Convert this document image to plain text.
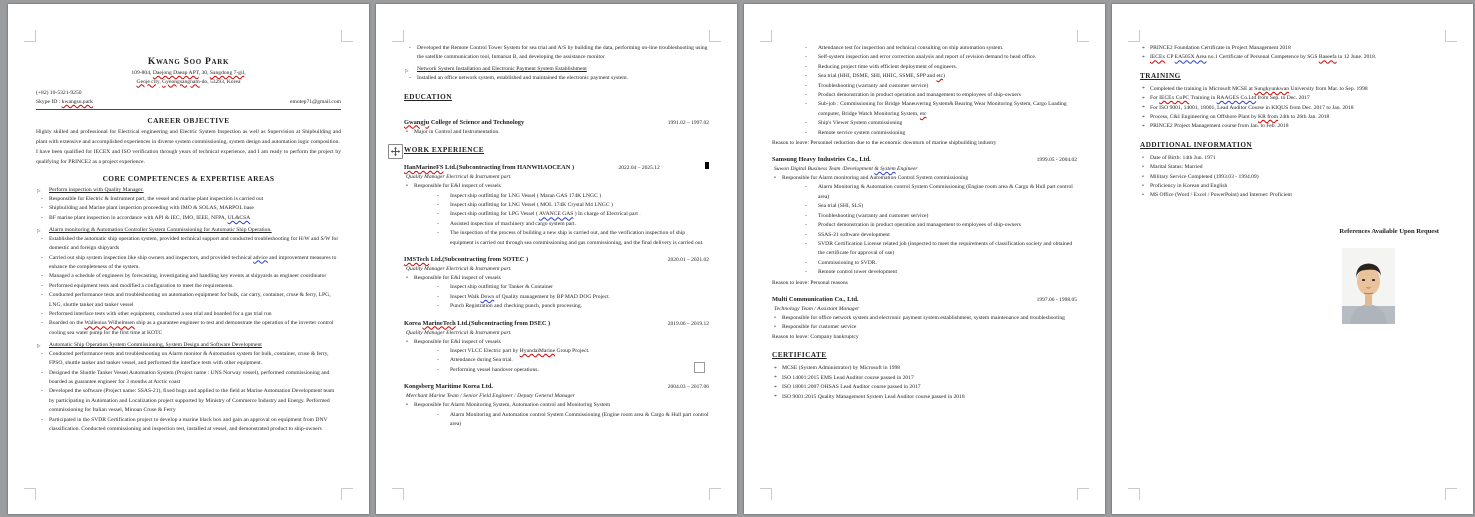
Kwang Soo Park
109-804, Daejong Daeap APT, 30, Sangdong 7-gil,
Geoje city, Gyeongsangnam-do, 53293, Korea
(+82) 10-5321-9250
Skype ID : kwangsu.park	emotep71@gmail.com
CAREER OBJECTIVE
Highly skilled and professional for Electrical engineering and Electric System Inspection as well as Supervision at Shipbuilding and plant with extensive and accomplished experiences in diverse system commissioning, system design and automation logic composition.
I have been qualified for IECEX and ISO verification through years of technical experience, and I am ready to perform the project by qualifying for PRINCE2 as a project experience.
CORE COMPETENCES & EXPERTISE AREAS
▷ Perform inspection with Quality Manager.
- Responsible for Electric & Instrument part, the vessel and marine plant inspection is carried out
- Shipbuilding and Marine plant inspection proceeding with IMO & SOLAS, MARPOL base
- BF marine plant inspection in accordance with API & IEC, IMO, IEEE, NFPA, UL&CSA
▷ Alarm monitoring & Automation Controller System Commissioning for Automatic Ship Operation.
- Established the automatic ship operation system, provided technical support and conducted troubleshooting for H/W and S/W for domestic and foreign shipyards
- Carried out ship system inspection like ship owners and inspectors, and provided technical advice and improvement measures to enhance the completeness of the system.
- Managed a schedule of engineers by forecasting, investigating and handling key events at shipyards as engineer coordinator
- Performed equipment tests and modified a configuration to meet the requirements.
- Conducted performance tests and troubleshooting on automation equipment for bulk, car carry, container, cruse & ferry, LPG, LNG, shuttle tanker and tanker vessel
- Performed interface tests with other equipment, conducted a sea trial and boarded for a gas trial run
- Boarded on the Wallenius Wilhelmsen ship as a guarantee engineer to test and demonstrate the operation of the inverter control cooling sea water pump for the first time at KOTC
▷ Automatic Ship Operation System Commissioning, System Design and Software Development
- Conducted performance tests and troubleshooting on Alarm monitor & Automation system for bulk, container, cruse & ferry, FPSO, shuttle tanker and tanker vessel, and performed the interface tests with other equipment.
- Designed the Shuttle Tanker Vessel Automation System (Project name : UNS Norway vessel), performed commissioning and boarded as guarantee engineer for 3 months at Arctic coast
- Developed the software (Project name: SSAS-21), fixed bugs and applied to the field at Marine Automation Development team by participating in Automation and Localization project supported by Ministry of Commerce Industry and Energy. Performed commissioning for Italian vessel, Minoan Cruse & Ferry
- Participated in the SVDR Certification project to develop a marine black box and gain an approval on equipment from DNV classification. Conducted commissioning and inspection test, installed at vessel, and demonstrated product to ship-owners
- Developed the Remote Control Tower System for sea trial and A/S by building the data, performing on-line troubleshooting using the satellite communication tool, Inmarsat B, and developing the assistance monitor
▷ Network System Installation and Electronic Payment System Establishment
- Installed an office network system, established and maintained the electronic payment system.
EDUCATION
Gwangju College of Science and Technology	1991.02 – 1997.02
• Major in Control and Instrumentation.
WORK EXPERIENCE
HanMarineFS Ltd.(Subcontracting from HANWHAOCEAN )	2022.04 – 2025.12
Quality Manager Electrical & Instrument part.
• Responsible for E&I inspect of vessels
- Inspect ship outfitting for LNG Vessel ( Maran GAS 174K LNGC )
- Inspect ship outfitting for LNG Vessel ( MOL 174K Crystal M4 LNGC )
- Inspect ship outfitting for LPG Vessel ( AVANCE GAS ) In charge of Electrical part .
- Assisted inspection of machinery and cargo system part.
- The inspection of the process of building a new ship is carried out, and the verification inspection of ship equipment is carried out through sea commissioning and gas commissioning, and the final delivery is carried out.
IMSTech Ltd.(Subcontracting from SOTEC )	2020.01 – 2021.02
Quality Manager Electrical & Instrument part.
• Responsible for E&I inspect of vessels
- Inspect ship outfitting for Tanker & Container
- Inspect Walk Down of Quality management by BP MAD DOG Project.
- Punch Registration and checking punch, punch processing.
Korea MarineTech Ltd.(Subcontracting from DSEC )	2019.06 – 2019.12
Quality Manager Electrical & Instrument part.
• Responsible for E&I inspect of vessels
- Inspect VLCC Electric part by HyundaiMarine Group Project.
- Attendance during Sea trial.
- Performing vessel handover operations.
Kongsberg Maritime Korea Ltd.	2004.03 – 2017.06
Merchant Marine Team / Senior Field Engineer / Deputy General Manager
• Responsible for Alarm Monitoring System, Automation control and Monitoring System
- Alarm Monitoring and Automation control System Commissioning (Engine room area & Cargo & Hull part control area)
- Attendance test for inspection and technical consulting on ship automation system.
- Self-system inspection and error correction analysis and report of revision demand to head office.
- Reducing project time with efficient deployment of engineers.
- Sea trial (HHI, DSME, SHI, HHIC, SSME, SPP and etc)
- Troubleshooting (warranty and customer service)
- Product demonstration in product operation and management to employees of ship-owners
- Sub-job : Commissioning for Bridge Maneuvering System& Bearing Wear Monitoring System, Cargo Loading computer, Bridge Watch Monitoring System, etc
- Ship's Viewer System commissioning
- Remote service system commissioning
Reason to leave: Personnel reduction due to the economic downturn of marine shipbuilding industry
Samsung Heavy Industries Co., Ltd.	1999.05 - 2004.02
Suwon Digital Business Team /Development & System Engineer
• Responsible for Alarm monitoring and Automation Control System commissioning
- Alarm Monitoring & Automation control System Commissioning (Engine room area & Cargo & Hull part control area)
- Sea trial (SHI, SLS)
- Troubleshooting (warranty and customer service)
- Product demonstration in product operation and management to employees of ship-owners
- SSAS-21 software development
- SVDR Certification License related job (inspected to meet the requirements of classification society and obtained the certificate for approval of use)
- Commissioning to SVDR.
- Remote control tower development
Reason to leave: Personal reasons
Multi Communication Co., Ltd.	1997.06 - 1998.05
Technology Team / Assistant Manager
• Responsible for office network system and electronic payment system establishment, system maintenance and troubleshooting
• Responsible for customer service
Reason to leave: Company bankruptcy
CERTIFICATE
* MCSE (System Administrator) by Microsoft in 1998
* ISO 14001:2015 EMS Lead Auditor course passed in 2017
* ISO 18001:2007 OHSAS Lead Auditor course passed in 2017
* ISO 9001:2015 Quality Management System Lead Auditor course passed in 2018
* PRINCE2 Foundation Certificate in Project Management 2018
* IECEx CP EA505X Area no.1 Certificate of Personal Competence by SGS Baseefa in 12 June. 2018.
TRAINING
* Completed the training in Microsoft MCSE at Sungkyunkwan University from Mar. to Sep. 1998
* For IECEx CoPC Training in RAAGES Co.Ltd from Sep. to Dec. 2017
* For ISO 9001, 14001, 18001, Lead Auditor Course in KIQUS from Dec. 2017 to Jan. 2018
* Process, C&I Engineering on Offshore Plant by KR from 24th to 26th Jan. 2018
* PRINCE2 Project Management course from Jan. to Feb. 2018
ADDITIONAL INFORMATION
• Date of Birth: 14th Jun. 1971
• Marital Status: Married
• Military Service Completed (1993.03 - 1994.09)
• Proficiency in Korean and English
• MS Office (Word / Excel / PowerPoint) and Internet: Proficient
References Available Upon Request
